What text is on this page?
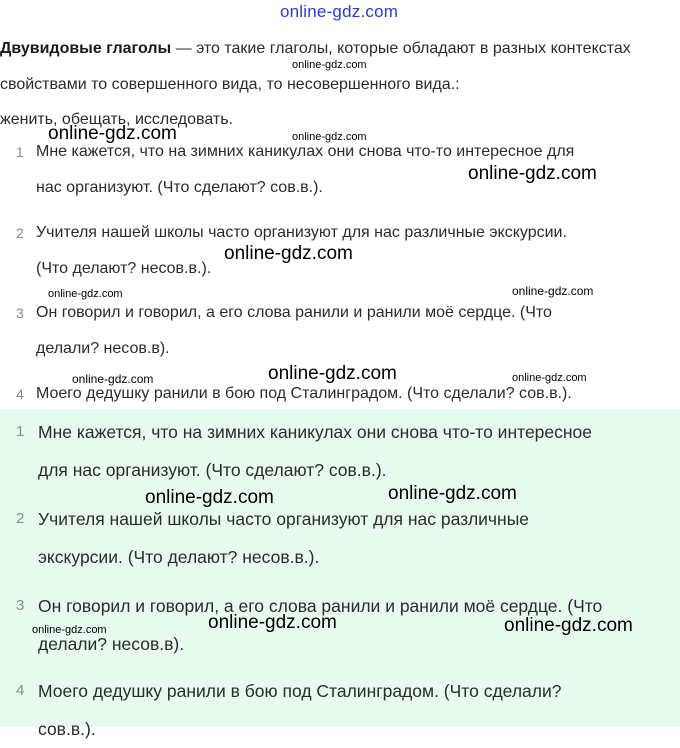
online-gdz.com
Двувидовые глаголы — это такие глаголы, которые обладают в разных контекстах свойствами то совершенного вида, то несовершенного вида.:
женить, обещать, исследовать.
1 Мне кажется, что на зимних каникулах они снова что-то интересное для
нас организуют. (Что сделают? сов.в.).
2 Учителя нашей школы часто организуют для нас различные экскурсии.
(Что делают? несов.в.).
3 Он говорил и говорил, а его слова ранили и ранили моё сердце. (Что
делали? несов.в).
4 Моего дедушку ранили в бою под Сталинградом. (Что сделали? сов.в.).
1 Мне кажется, что на зимних каникулах они снова что-то интересное
для нас организуют. (Что сделают? сов.в.).
2 Учителя нашей школы часто организуют для нас различные
экскурсии. (Что делают? несов.в.).
3 Он говорил и говорил, а его слова ранили и ранили моё сердце. (Что
делали? несов.в).
4 Моего дедушку ранили в бою под Сталинградом. (Что сделали?
сов.в.).
online-gdz.com
online-gdz.com
online-gdz.com
online-gdz.com
online-gdz.com
online-gdz.com	online-gdz.com
online-gdz.com	online-gdz.com	online-gdz.com
online-gdz.com	online-gdz.com
online-gdz.com
online-gdz.com	online-gdz.com
